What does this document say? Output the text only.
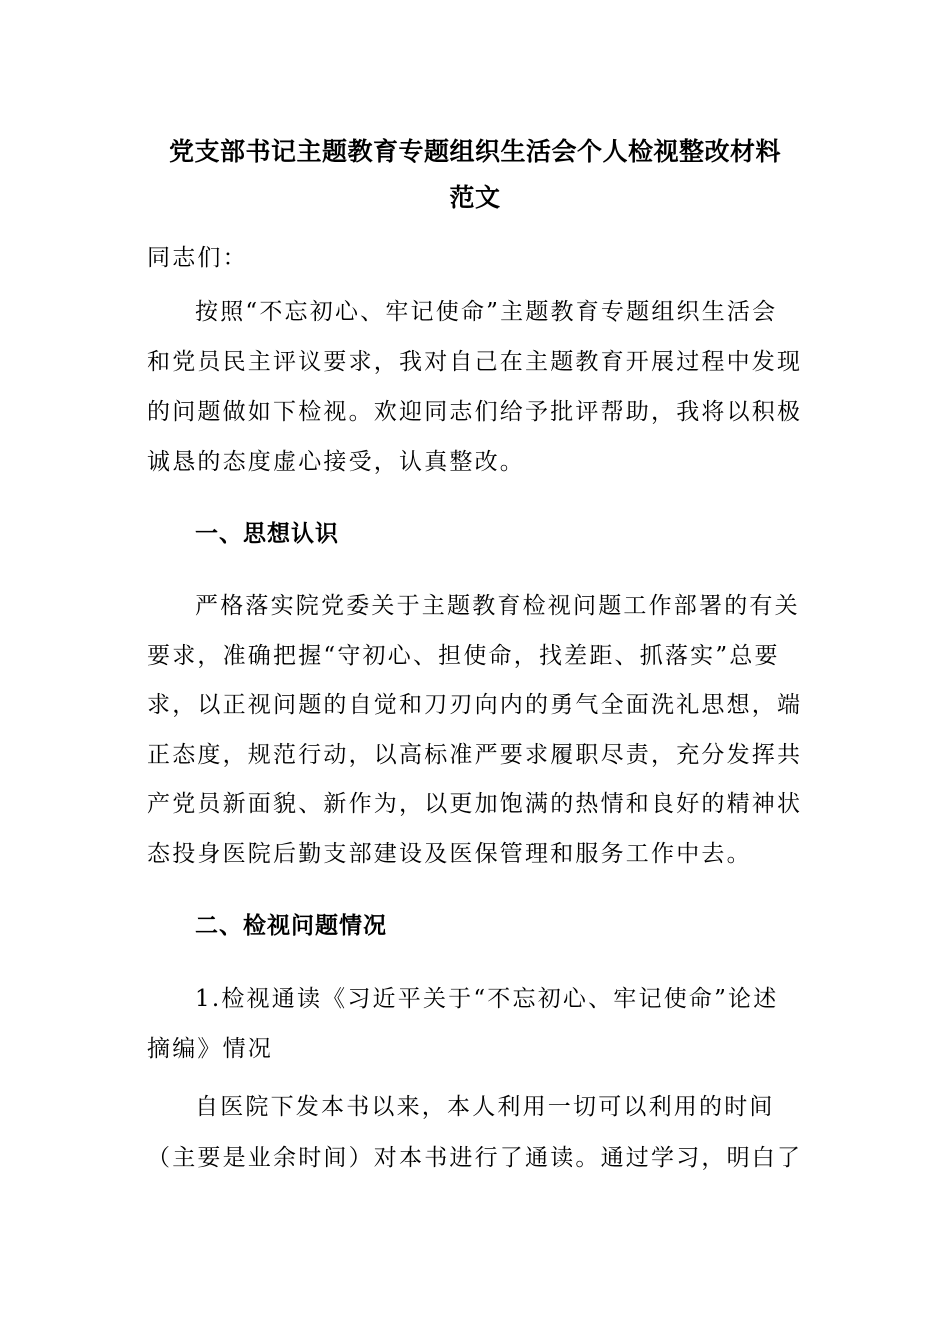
党支部书记主题教育专题组织生活会个人检视整改材料
范文
同志们：
按照“不忘初心、牢记使命”主题教育专题组织生活会
和党员民主评议要求，我对自己在主题教育开展过程中发现
的问题做如下检视。欢迎同志们给予批评帮助，我将以积极
诚恳的态度虚心接受，认真整改。
一、思想认识
严格落实院党委关于主题教育检视问题工作部署的有关
要求，准确把握“守初心、担使命，找差距、抓落实”总要
求，以正视问题的自觉和刀刃向内的勇气全面洗礼思想，端
正态度，规范行动，以高标准严要求履职尽责，充分发挥共
产党员新面貌、新作为，以更加饱满的热情和良好的精神状
态投身医院后勤支部建设及医保管理和服务工作中去。
二、检视问题情况
1.检视通读《习近平关于“不忘初心、牢记使命”论述
摘编》情况
自医院下发本书以来，本人利用一切可以利用的时间
（主要是业余时间）对本书进行了通读。通过学习，明白了
